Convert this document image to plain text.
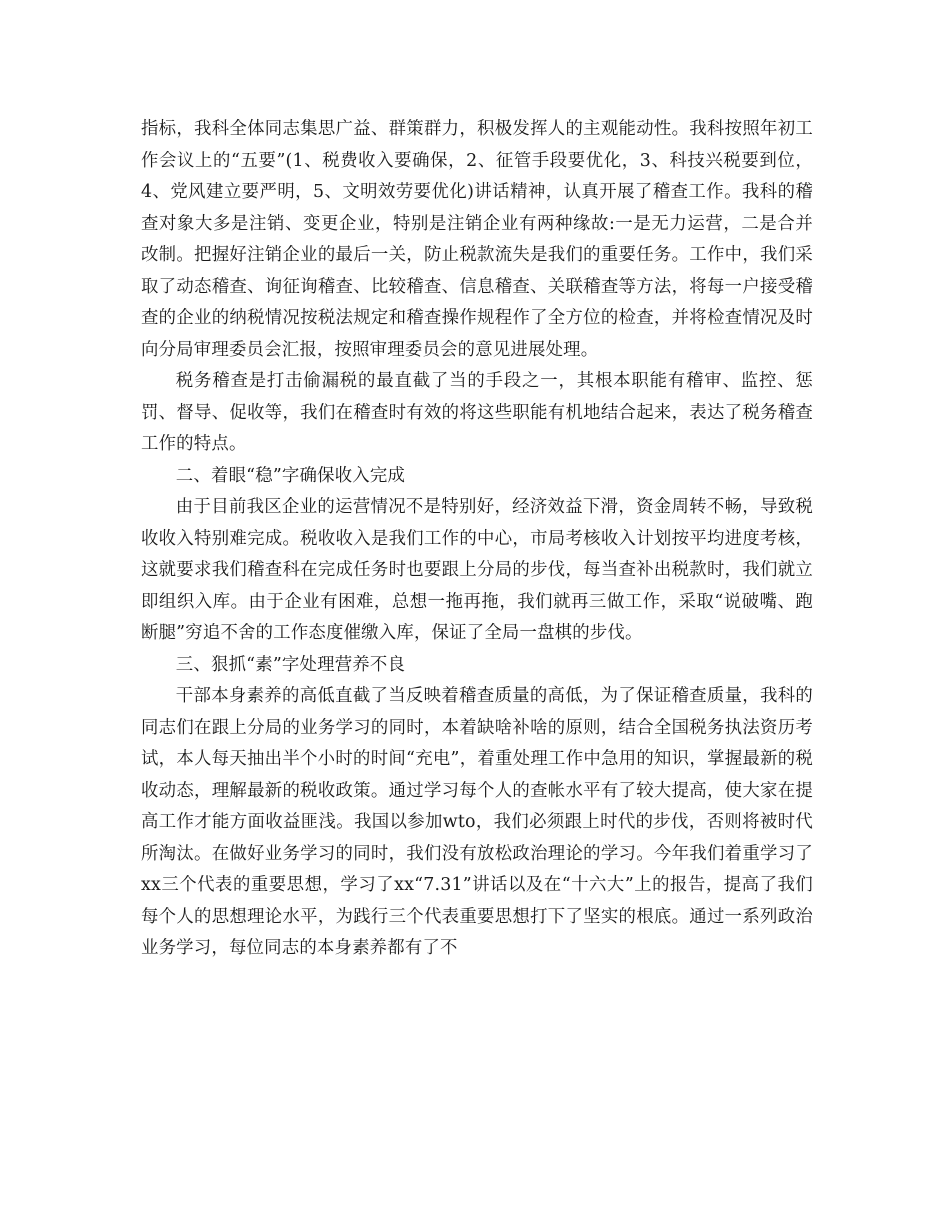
指标，我科全体同志集思广益、群策群力，积极发挥人的主观能动性。我科按照年初工作会议上的“五要”(1、税费收入要确保，2、征管手段要优化，3、科技兴税要到位，4、党风建立要严明，5、文明效劳要优化)讲话精神，认真开展了稽查工作。我科的稽查对象大多是注销、变更企业，特别是注销企业有两种缘故:一是无力运营，二是合并改制。把握好注销企业的最后一关，防止税款流失是我们的重要任务。工作中，我们采取了动态稽查、询征询稽查、比较稽查、信息稽查、关联稽查等方法，将每一户接受稽查的企业的纳税情况按税法规定和稽查操作规程作了全方位的检查，并将检查情况及时向分局审理委员会汇报，按照审理委员会的意见进展处理。

税务稽查是打击偷漏税的最直截了当的手段之一，其根本职能有稽审、监控、惩罚、督导、促收等，我们在稽查时有效的将这些职能有机地结合起来，表达了税务稽查工作的特点。

二、着眼“稳”字确保收入完成

由于目前我区企业的运营情况不是特别好，经济效益下滑，资金周转不畅，导致税收收入特别难完成。税收收入是我们工作的中心，市局考核收入计划按平均进度考核，这就要求我们稽查科在完成任务时也要跟上分局的步伐，每当查补出税款时，我们就立即组织入库。由于企业有困难，总想一拖再拖，我们就再三做工作，采取“说破嘴、跑断腿”穷追不舍的工作态度催缴入库，保证了全局一盘棋的步伐。

三、狠抓“素”字处理营养不良

干部本身素养的高低直截了当反映着稽查质量的高低，为了保证稽查质量，我科的同志们在跟上分局的业务学习的同时，本着缺啥补啥的原则，结合全国税务执法资历考试，本人每天抽出半个小时的时间“充电”，着重处理工作中急用的知识，掌握最新的税收动态，理解最新的税收政策。通过学习每个人的查帐水平有了较大提高，使大家在提高工作才能方面收益匪浅。我国以参加wto，我们必须跟上时代的步伐，否则将被时代所淘汰。在做好业务学习的同时，我们没有放松政治理论的学习。今年我们着重学习了xx三个代表的重要思想，学习了xx“7.31”讲话以及在“十六大”上的报告，提高了我们每个人的思想理论水平，为践行三个代表重要思想打下了坚实的根底。通过一系列政治业务学习，每位同志的本身素养都有了不
